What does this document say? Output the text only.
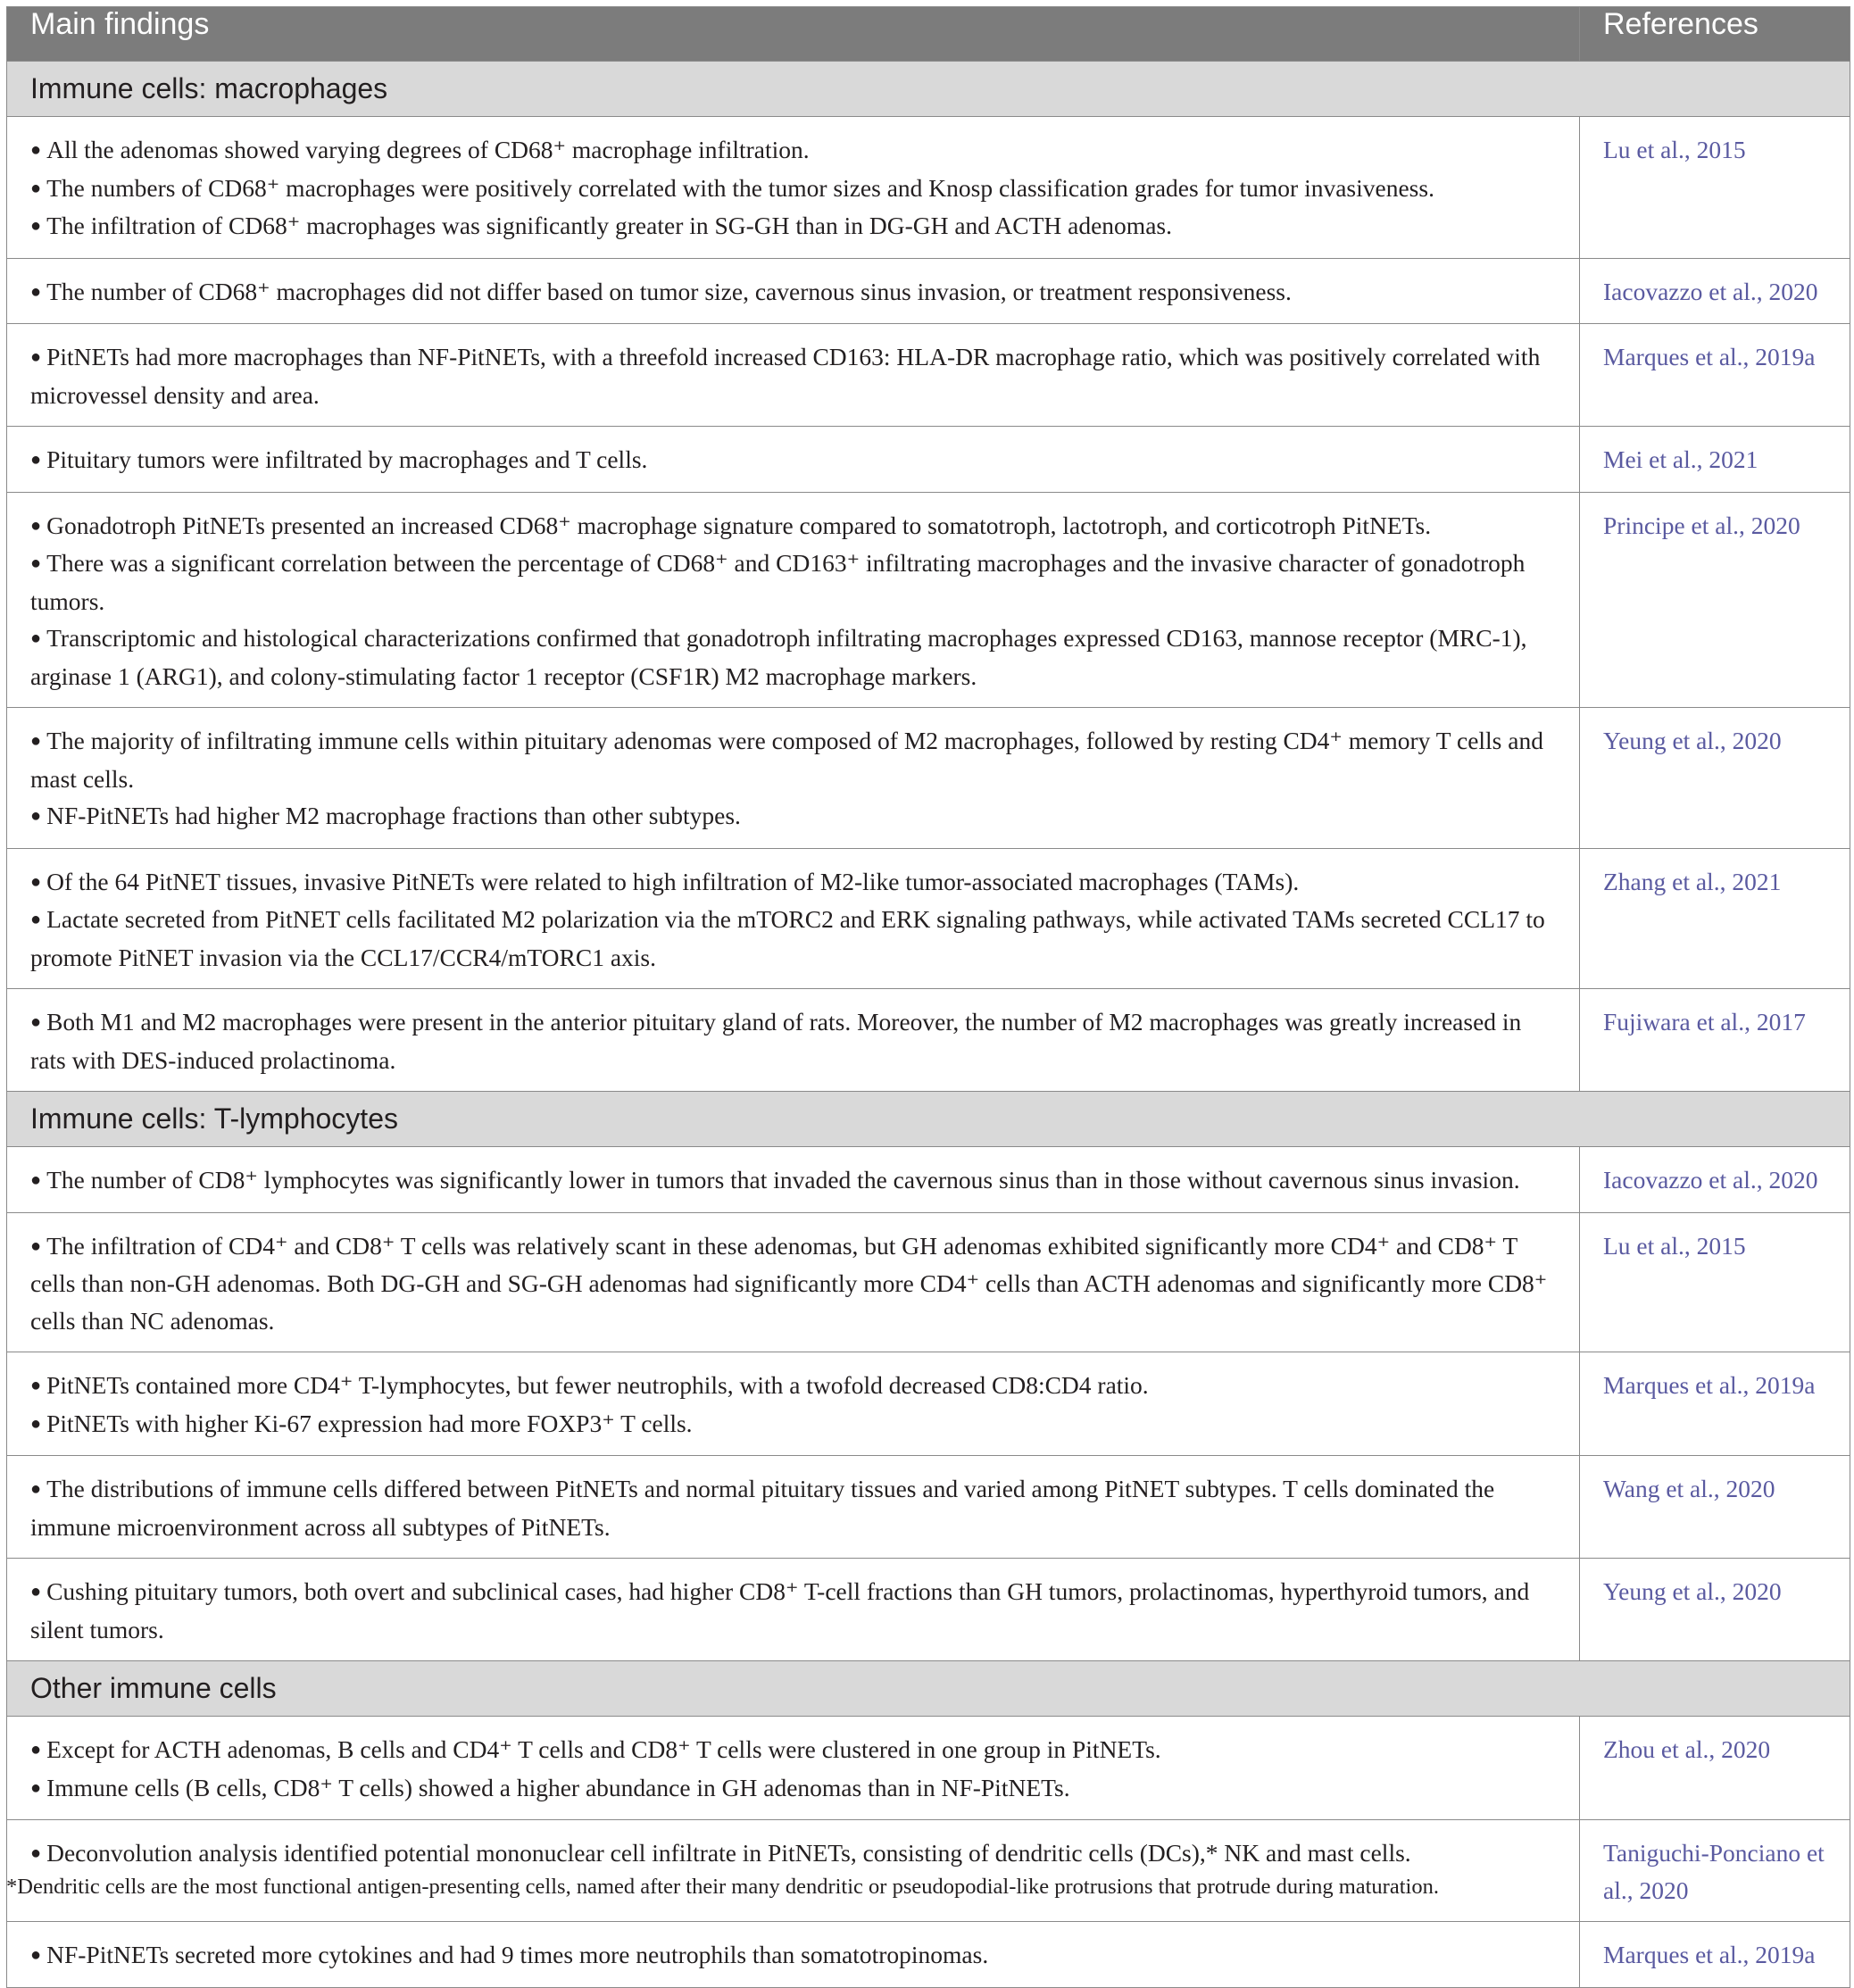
Main findings	References
Immune cells: macrophages	

● All the adenomas showed varying degrees of CD68⁺ macrophage infiltration.
● The numbers of CD68⁺ macrophages were positively correlated with the tumor sizes and Knosp classification grades for tumor invasiveness.
● The infiltration of CD68⁺ macrophages was significantly greater in SG-GH than in DG-GH and ACTH adenomas.	Lu et al., 2015

● The number of CD68⁺ macrophages did not differ based on tumor size, cavernous sinus invasion, or treatment responsiveness.	Iacovazzo et al., 2020

● PitNETs had more macrophages than NF-PitNETs, with a threefold increased CD163: HLA-DR macrophage ratio, which was positively correlated with microvessel density and area.	Marques et al., 2019a

● Pituitary tumors were infiltrated by macrophages and T cells.	Mei et al., 2021

● Gonadotroph PitNETs presented an increased CD68⁺ macrophage signature compared to somatotroph, lactotroph, and corticotroph PitNETs.
● There was a significant correlation between the percentage of CD68⁺ and CD163⁺ infiltrating macrophages and the invasive character of gonadotroph tumors.
● Transcriptomic and histological characterizations confirmed that gonadotroph infiltrating macrophages expressed CD163, mannose receptor (MRC-1), arginase 1 (ARG1), and colony-stimulating factor 1 receptor (CSF1R) M2 macrophage markers.	Principe et al., 2020

● The majority of infiltrating immune cells within pituitary adenomas were composed of M2 macrophages, followed by resting CD4⁺ memory T cells and mast cells.
● NF-PitNETs had higher M2 macrophage fractions than other subtypes.	Yeung et al., 2020

● Of the 64 PitNET tissues, invasive PitNETs were related to high infiltration of M2-like tumor-associated macrophages (TAMs).
● Lactate secreted from PitNET cells facilitated M2 polarization via the mTORC2 and ERK signaling pathways, while activated TAMs secreted CCL17 to promote PitNET invasion via the CCL17/CCR4/mTORC1 axis.	Zhang et al., 2021

● Both M1 and M2 macrophages were present in the anterior pituitary gland of rats. Moreover, the number of M2 macrophages was greatly increased in rats with DES-induced prolactinoma.	Fujiwara et al., 2017
Immune cells: T-lymphocytes	

● The number of CD8⁺ lymphocytes was significantly lower in tumors that invaded the cavernous sinus than in those without cavernous sinus invasion.	Iacovazzo et al., 2020

● The infiltration of CD4⁺ and CD8⁺ T cells was relatively scant in these adenomas, but GH adenomas exhibited significantly more CD4⁺ and CD8⁺ T cells than non-GH adenomas. Both DG-GH and SG-GH adenomas had significantly more CD4⁺ cells than ACTH adenomas and significantly more CD8⁺ cells than NC adenomas.	Lu et al., 2015

● PitNETs contained more CD4⁺ T-lymphocytes, but fewer neutrophils, with a twofold decreased CD8:CD4 ratio.
● PitNETs with higher Ki-67 expression had more FOXP3⁺ T cells.	Marques et al., 2019a

● The distributions of immune cells differed between PitNETs and normal pituitary tissues and varied among PitNET subtypes. T cells dominated the immune microenvironment across all subtypes of PitNETs.	Wang et al., 2020

● Cushing pituitary tumors, both overt and subclinical cases, had higher CD8⁺ T-cell fractions than GH tumors, prolactinomas, hyperthyroid tumors, and silent tumors.	Yeung et al., 2020
Other immune cells	

● Except for ACTH adenomas, B cells and CD4⁺ T cells and CD8⁺ T cells were clustered in one group in PitNETs.
● Immune cells (B cells, CD8⁺ T cells) showed a higher abundance in GH adenomas than in NF-PitNETs.	Zhou et al., 2020

● Deconvolution analysis identified potential mononuclear cell infiltrate in PitNETs, consisting of dendritic cells (DCs),* NK and mast cells.	Taniguchi-Ponciano et al., 2020

● NF-PitNETs secreted more cytokines and had 9 times more neutrophils than somatotropinomas.	Marques et al., 2019a
*Dendritic cells are the most functional antigen-presenting cells, named after their many dendritic or pseudopodial-like protrusions that protrude during maturation.
